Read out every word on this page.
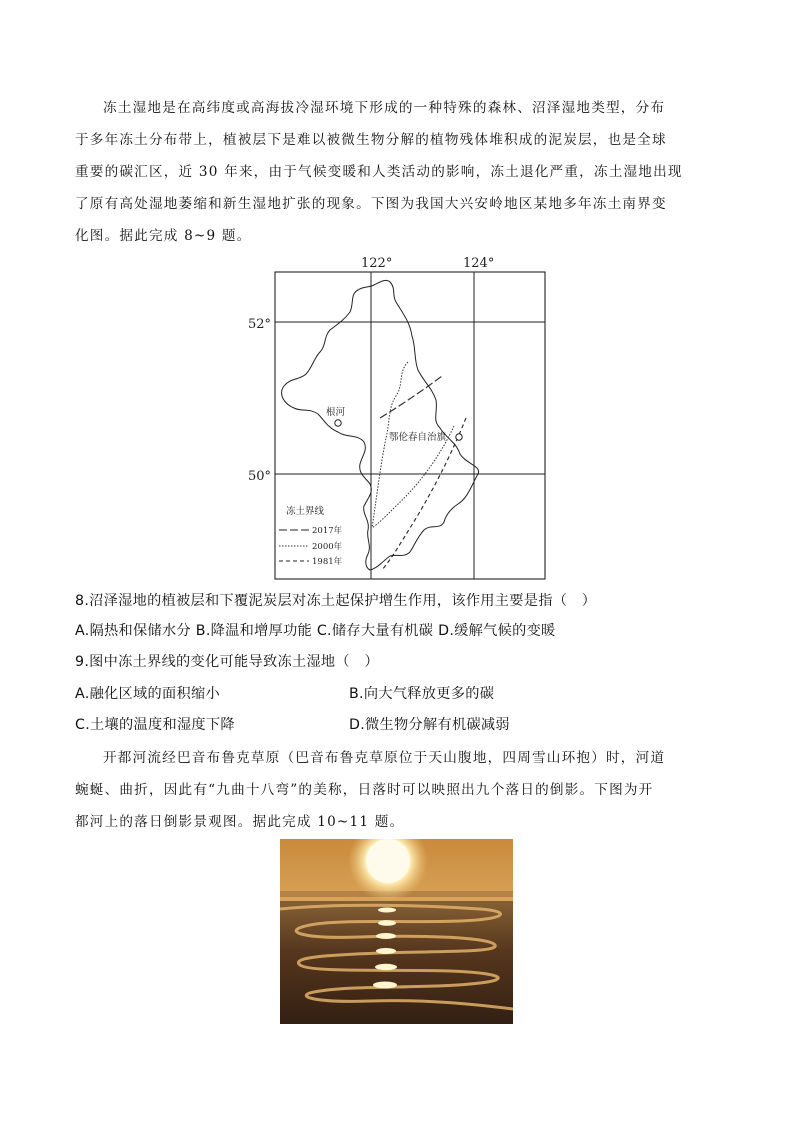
冻土湿地是在高纬度或高海拔冷湿环境下形成的一种特殊的森林、沼泽湿地类型，分布
于多年冻土分布带上，植被层下是难以被微生物分解的植物残体堆积成的泥炭层，也是全球
重要的碳汇区，近 30 年来，由于气候变暖和人类活动的影响，冻土退化严重，冻土湿地出现
了原有高处湿地萎缩和新生湿地扩张的现象。下图为我国大兴安岭地区某地多年冻土南界变
化图。据此完成 8~9 题。
122°	124°
52°
50°
根河
鄂伦春自治旗
冻土界线
2017年
2000年
1981年
8.沼泽湿地的植被层和下覆泥炭层对冻土起保护增生作用，该作用主要是指（　）
A.隔热和保储水分 B.降温和增厚功能 C.储存大量有机碳 D.缓解气候的变暖
9.图中冻土界线的变化可能导致冻土湿地（　）
A.融化区域的面积缩小	B.向大气释放更多的碳
C.土壤的温度和湿度下降	D.微生物分解有机碳减弱
开都河流经巴音布鲁克草原（巴音布鲁克草原位于天山腹地，四周雪山环抱）时，河道
蜿蜒、曲折，因此有“九曲十八弯”的美称，日落时可以映照出九个落日的倒影。下图为开
都河上的落日倒影景观图。据此完成 10~11 题。
